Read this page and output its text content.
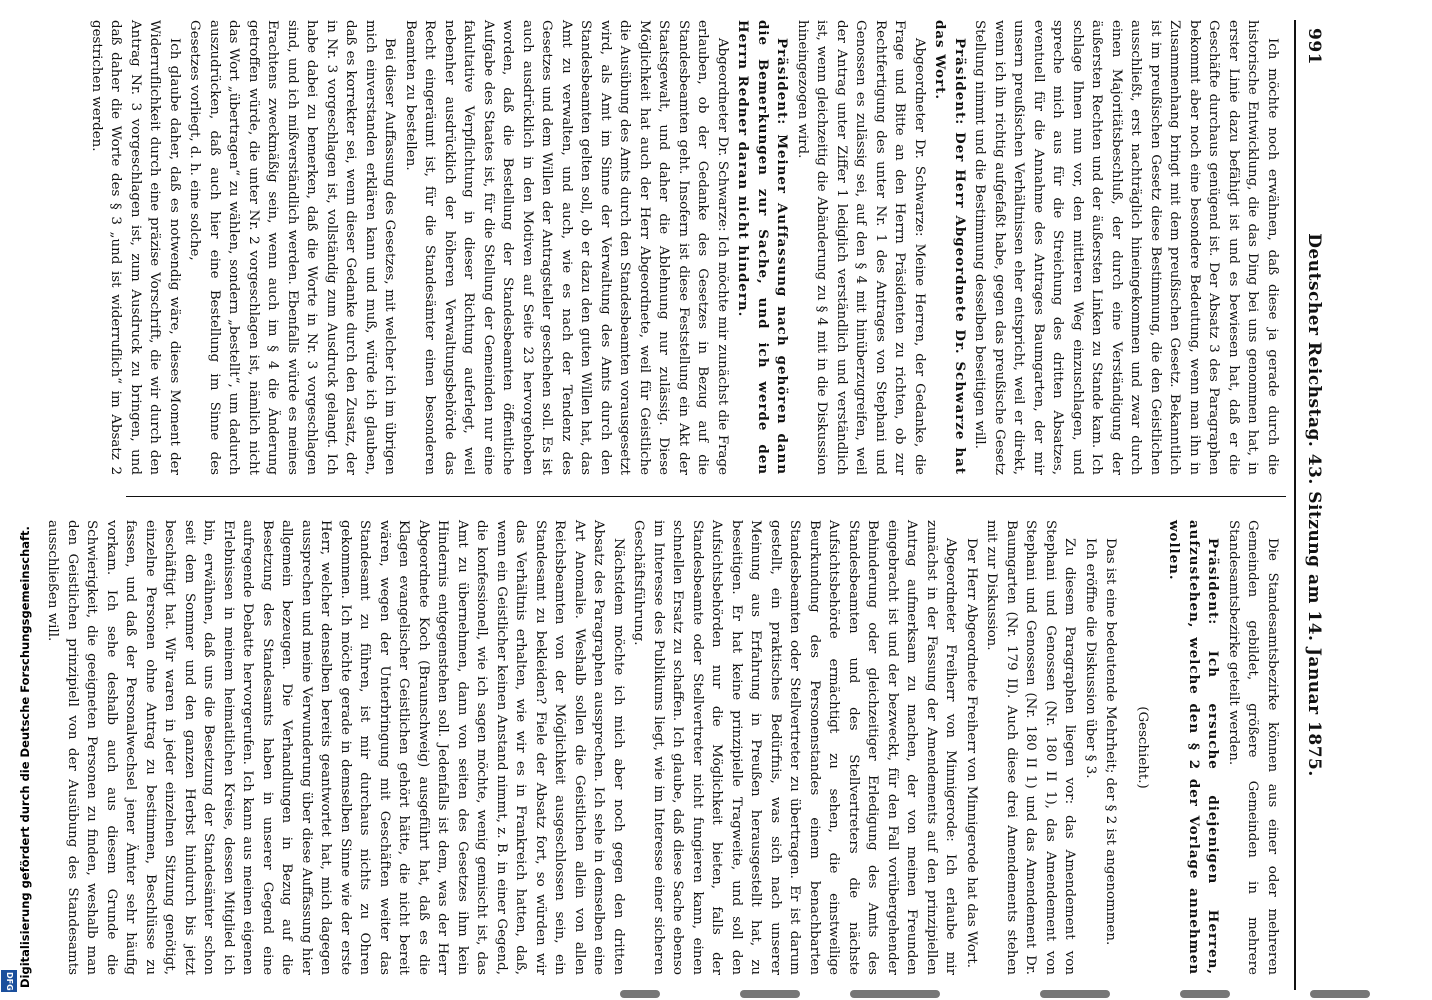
Digitalisierung gefördert durch die Deutsche Forschungsgemeinschaft.
DFG
991
Deutscher Reichstag. 43. Sitzung am 14. Januar 1875.

Ich möchte noch erwähnen, daß diese ja gerade durch die historische Entwicklung, die das Ding bei uns genommen hat, in erster Linie dazu befähigt ist und es bewiesen hat, daß er die Geschäfte durchaus genügend ist. Der Absatz 3 des Paragraphen bekommt aber noch eine besondere Bedeutung, wenn man ihn in Zusammenhang bringt mit dem preußischen Gesetz. Bekanntlich ist im preußischen Gesetz diese Bestimmung, die den Geistlichen ausschließt, erst nachträglich hineingekommen und zwar durch einen Majoritätsbeschluß, der durch eine Verständigung der äußersten Rechten und der äußersten Linken zu Stande kam. Ich schlage Ihnen nun vor, den mittleren Weg einzuschlagen, und spreche mich aus für die Streichung des dritten Absatzes, eventuell für die Annahme des Antrages Baumgarten, der mir unsern preußischen Verhältnissen eher entspricht, weil er direkt, wenn ich ihn richtig aufgefaßt habe, gegen das preußische Gesetz Stellung nimmt und die Bestimmung desselben beseitigen will.

Präsident: Der Herr Abgeordnete Dr. Schwarze hat das Wort.

Abgeordneter Dr. Schwarze: Meine Herren, der Gedanke, die Frage und Bitte an den Herrn Präsidenten zu richten, ob zur Rechtfertigung des unter Nr. 1 des Antrages von Stephani und Genossen es zulässig sei, auf den § 4 mit hinüberzugreifen, weil der Antrag unter Ziffer 1 lediglich verständlich und verständlich ist, wenn gleichzeitig die Abänderung zu § 4 mit in die Diskussion hineingezogen wird.

Präsident: Meiner Auffassung nach gehören dann die Bemerkungen zur Sache, und ich werde den Herrn Redner daran nicht hindern.

Abgeordneter Dr. Schwarze: Ich möchte mir zunächst die Frage erlauben, ob der Gedanke des Gesetzes in Bezug auf die Standesbeamten geht. Insofern ist diese Feststellung ein Akt der Staatsgewalt, und daher die Ablehnung nur zulässig. Diese Möglichkeit hat auch der Herr Abgeordnete, weil für Geistliche die Ausübung des Amts durch den Standesbeamten vorausgesetzt wird, als Amt im Sinne der Verwaltung des Amts durch den Standesbeamten gelten soll, ob er dazu den guten Willen hat, das Amt zu verwalten, und auch, wie es nach der Tendenz des Gesetzes und dem Willen der Antragsteller geschehen soll. Es ist auch ausdrücklich in den Motiven auf Seite 23 hervorgehoben worden, daß die Bestellung der Standesbeamten öffentliche Aufgabe des Staates ist, für die Stellung der Gemeinden nur eine fakultative Verpflichtung in dieser Richtung auferlegt, weil nebenher ausdrücklich der höheren Verwaltungsbehörde das Recht eingeräumt ist, für die Standesämter einen besonderen Beamten zu bestellen.

Bei dieser Auffassung des Gesetzes, mit welcher ich im übrigen mich einverstanden erklären kann und muß, würde ich glauben, daß es korrekter sei, wenn dieser Gedanke durch den Zusatz, der in Nr. 3 vorgeschlagen ist, vollständig zum Ausdruck gelangt. Ich habe dabei zu bemerken, daß die Worte in Nr. 3 vorgeschlagen sind, und ich mißverständlich werden. Ebenfalls würde es meines Erachtens zweckmäßig sein, wenn auch im § 4 die Änderung getroffen würde, die unter Nr. 2 vorgeschlagen ist, nämlich nicht das Wort „übertragen“ zu wählen, sondern „bestellt“, um dadurch auszudrücken, daß auch hier eine Bestellung im Sinne des Gesetzes vorliegt, d. h. eine solche,

Ich glaube daher, daß es notwendig wäre, dieses Moment der Widerruflichkeit durch eine präzise Vorschrift, die wir durch den Antrag Nr. 3 vorgeschlagen ist, zum Ausdruck zu bringen, und daß daher die Worte des § 3 „und ist widerruflich“ im Absatz 2 gestrichen werden.

Die Standesamtsbezirke können aus einer oder mehreren Gemeinden gebildet, größere Gemeinden in mehrere Standesamtsbezirke geteilt werden.

Präsident: Ich ersuche diejenigen Herren, aufzustehen, welche den § 2 der Vorlage annehmen wollen.

(Geschieht.)

Das ist eine bedeutende Mehrheit; der § 2 ist angenommen.

Ich eröffne die Diskussion über § 3.

Zu diesem Paragraphen liegen vor: das Amendement von Stephani und Genossen (Nr. 180 II 1), das Amendement von Stephani und Genossen (Nr. 180 II 1) und das Amendement Dr. Baumgarten (Nr. 179 II). Auch diese drei Amendements stehen mit zur Diskussion.

Der Herr Abgeordnete Freiherr von Minnigerode hat das Wort.

Abgeordneter Freiherr von Minnigerode: Ich erlaube mir zunächst in der Fassung der Amendements auf den prinzipiellen Antrag aufmerksam zu machen, der von meinen Freunden eingebracht ist und der bezweckt, für den Fall vorübergehender Behinderung oder gleichzeitiger Erledigung des Amts des Standesbeamten und des Stellvertreters die nächste Aufsichtsbehörde ermächtigt zu sehen, die einstweilige Beurkundung des Personenstandes einem benachbarten Standesbeamten oder Stellvertreter zu übertragen. Er ist darum gestellt, ein praktisches Bedürfnis, was sich nach unserer Meinung aus Erfahrung in Preußen herausgestellt hat, zu beseitigen. Er hat keine prinzipielle Tragweite, und soll den Aufsichtsbehörden nur die Möglichkeit bieten, falls der Standesbeamte oder Stellvertreter nicht fungieren kann, einen schnellen Ersatz zu schaffen. Ich glaube, daß diese Sache ebenso im Interesse des Publikums liegt, wie im Interesse einer sicheren Geschäftsführung.

Nächstdem möchte ich mich aber noch gegen den dritten Absatz des Paragraphen aussprechen. Ich sehe in demselben eine Art Anomalie. Weshalb sollen die Geistlichen allein von allen Reichsbeamten von der Möglichkeit ausgeschlossen sein, ein Standesamt zu bekleiden? Fiele der Absatz fort, so würden wir das Verhältnis erhalten, wie wir es in Frankreich hatten, daß, wenn ein Geistlicher keinen Anstand nimmt, z. B. in einer Gegend, die konfessionell, wie ich sagen möchte, wenig gemischt ist, das Amt zu übernehmen, dann von seiten des Gesetzes ihm kein Hindernis entgegenstehen soll. Jedenfalls ist dem, was der Herr Abgeordnete Koch (Braunschweig) ausgeführt hat, daß es die Klagen evangelischer Geistlichen gehört hätte, die nicht bereit wären, wegen der Unterbringung mit Geschäften weiter das Standesamt zu führen, ist mir durchaus nichts zu Ohren gekommen. Ich möchte gerade in demselben Sinne wie der erste Herr, welcher denselben bereits geantwortet hat, mich dagegen aussprechen und meine Verwunderung über diese Auffassung hier allgemein bezeugen. Die Verhandlungen in Bezug auf die Besetzung des Standesamts haben in unserer Gegend eine aufregende Debatte hervorgerufen. Ich kann aus meinen eigenen Erlebnissen in meinem heimatlichen Kreise, dessen Mitglied ich bin, erwähnen, daß uns die Besetzung der Standesämter schon seit dem Sommer und den ganzen Herbst hindurch bis jetzt beschäftigt hat. Wir waren in jeder einzelnen Sitzung genötigt, einzelne Personen ohne Antrag zu bestimmen, Beschlüsse zu fassen, und daß der Personalwechsel jener Ämter sehr häufig vorkam. Ich sehe deshalb auch aus diesem Grunde die Schwierigkeit, die geeigneten Personen zu finden, weshalb man den Geistlichen prinzipiell von der Ausübung des Standesamts ausschließen will.
